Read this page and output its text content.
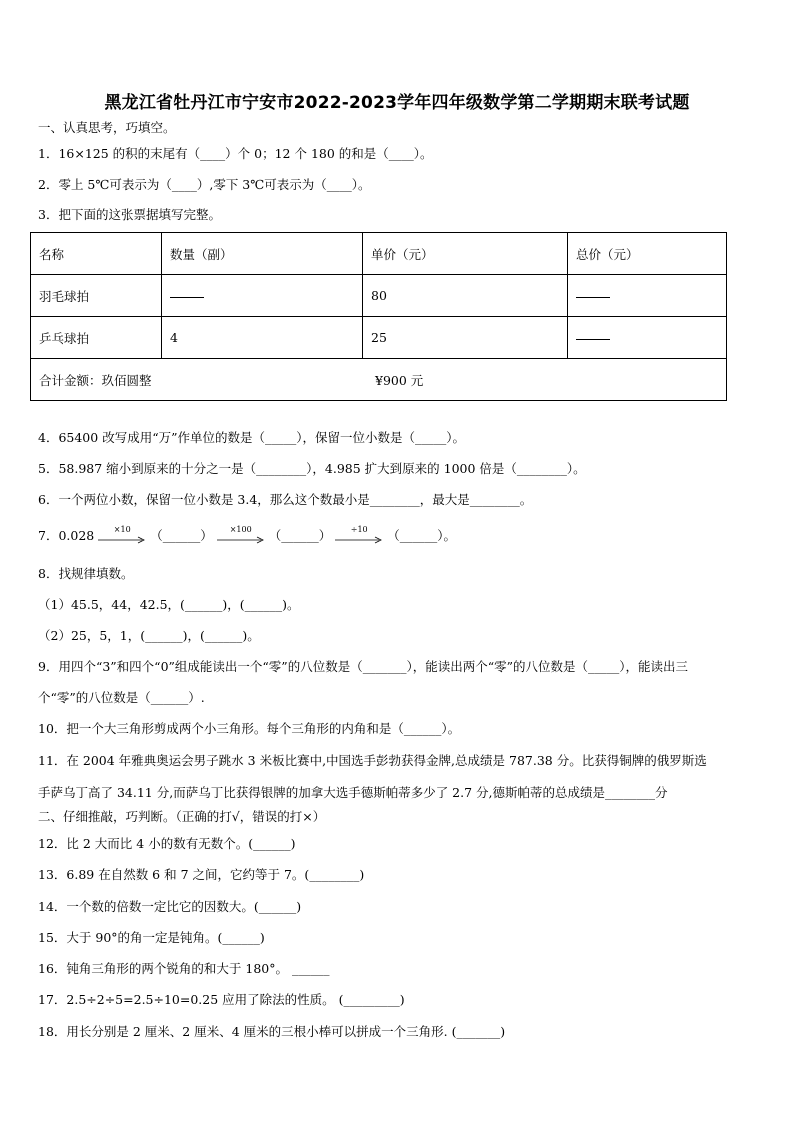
黑龙江省牡丹江市宁安市2022-2023学年四年级数学第二学期期末联考试题
一、认真思考，巧填空。
1．16×125 的积的末尾有（____）个 0；12 个 180 的和是（____）。
2．零上 5℃可表示为（____）,零下 3℃可表示为（____）。
3．把下面的这张票据填写完整。
名称	数量（副）	单价（元）	总价（元）
羽毛球拍		80	
乒乓球拍	4	25	
合计金额：玖佰圆整 ¥900 元			
4．65400 改写成用“万”作单位的数是（_____），保留一位小数是（_____）。
5．58.987 缩小到原来的十分之一是（________），4.985 扩大到原来的 1000 倍是（________）。
6．一个两位小数，保留一位小数是 3.4，那么这个数最小是________，最大是________。
7．0.028	×10	（______）	×100	（______）	÷10	（______）。
8．找规律填数。
（1）45.5，44，42.5，(______)，(______)。
（2）25，5，1，(______)，(______)。
9．用四个“3”和四个“0”组成能读出一个“零”的八位数是（_______），能读出两个“零”的八位数是（_____），能读出三
个“零”的八位数是（______）.
10．把一个大三角形剪成两个小三角形。每个三角形的内角和是（______）。
11．在 2004 年雅典奥运会男子跳水 3 米板比赛中,中国选手彭勃获得金牌,总成绩是 787.38 分。比获得铜牌的俄罗斯选
手萨乌丁高了 34.11 分,而萨乌丁比获得银牌的加拿大选手德斯帕蒂多少了 2.7 分,德斯帕蒂的总成绩是________分
二、仔细推敲，巧判断。（正确的打√，错误的打×）
12．比 2 大而比 4 小的数有无数个。(______)
13．6.89 在自然数 6 和 7 之间，它约等于 7。(________)
14．一个数的倍数一定比它的因数大。(______)
15．大于 90°的角一定是钝角。(______)
16．钝角三角形的两个锐角的和大于 180°。 ______
17．2.5÷2÷5=2.5÷10=0.25 应用了除法的性质。 (_________)
18．用长分别是 2 厘米、2 厘米、4 厘米的三根小棒可以拼成一个三角形. (_______)
